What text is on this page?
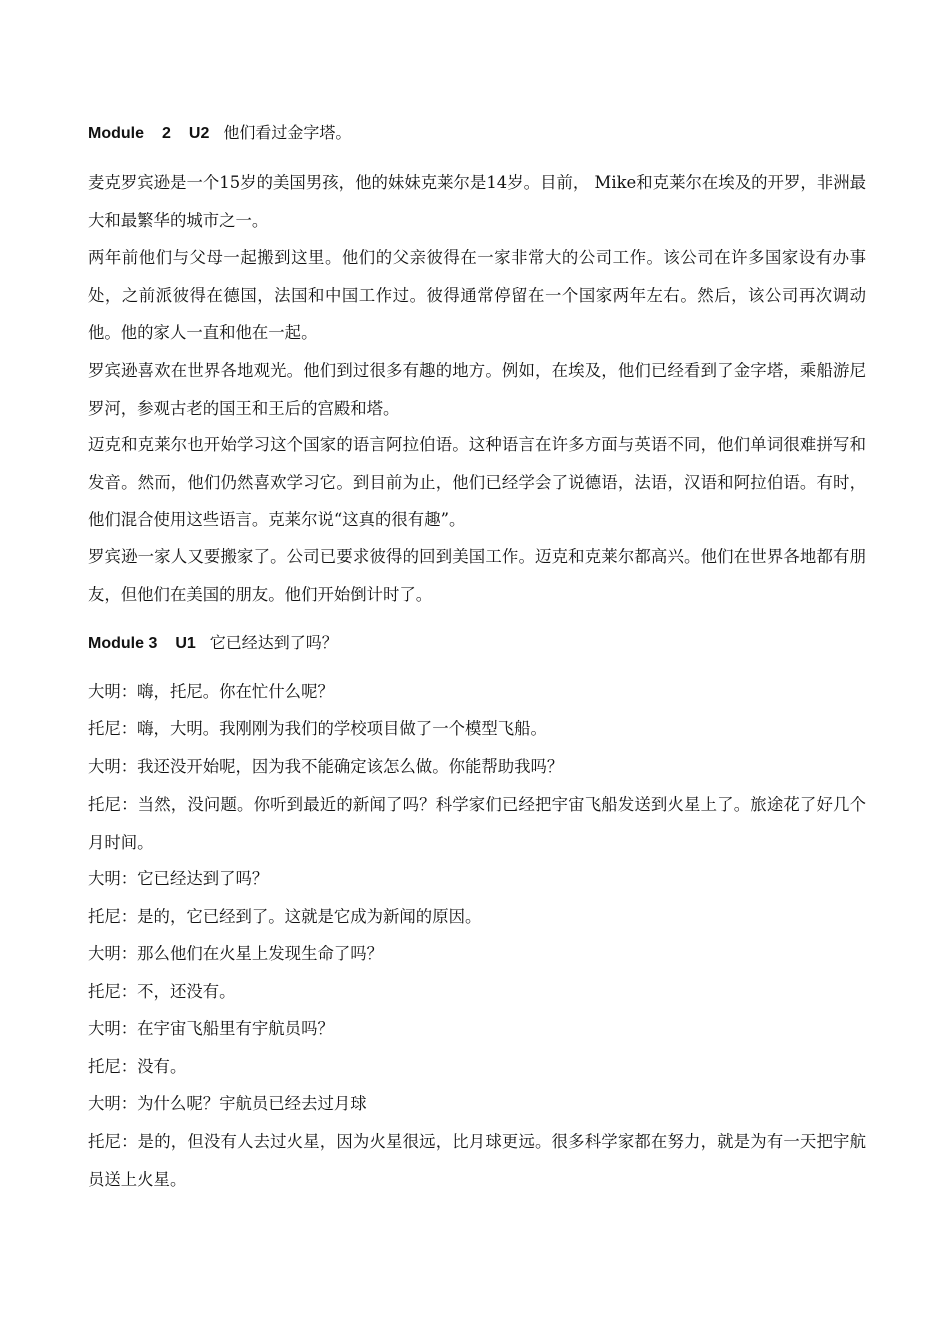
Module 2 U2 他们看过金字塔。
麦克罗宾逊是一个15岁的美国男孩，他的妹妹克莱尔是14岁。目前， Mike和克莱尔在埃及的开罗，非洲最大和最繁华的城市之一。
两年前他们与父母一起搬到这里。他们的父亲彼得在一家非常大的公司工作。该公司在许多国家设有办事处，之前派彼得在德国，法国和中国工作过。彼得通常停留在一个国家两年左右。然后，该公司再次调动他。他的家人一直和他在一起。
罗宾逊喜欢在世界各地观光。他们到过很多有趣的地方。例如，在埃及，他们已经看到了金字塔，乘船游尼罗河，参观古老的国王和王后的宫殿和塔。
迈克和克莱尔也开始学习这个国家的语言阿拉伯语。这种语言在许多方面与英语不同，他们单词很难拼写和发音。然而，他们仍然喜欢学习它。到目前为止，他们已经学会了说德语，法语，汉语和阿拉伯语。有时，他们混合使用这些语言。克莱尔说“这真的很有趣”。
罗宾逊一家人又要搬家了。公司已要求彼得的回到美国工作。迈克和克莱尔都高兴。他们在世界各地都有朋友，但他们在美国的朋友。他们开始倒计时了。
Module 3 U1 它已经达到了吗？
大明：嗨，托尼。你在忙什么呢？
托尼：嗨，大明。我刚刚为我们的学校项目做了一个模型飞船。
大明：我还没开始呢，因为我不能确定该怎么做。你能帮助我吗？
托尼：当然，没问题。你听到最近的新闻了吗？科学家们已经把宇宙飞船发送到火星上了。旅途花了好几个月时间。
大明：它已经达到了吗？
托尼：是的，它已经到了。这就是它成为新闻的原因。
大明：那么他们在火星上发现生命了吗？
托尼：不，还没有。
大明：在宇宙飞船里有宇航员吗？
托尼：没有。
大明：为什么呢？宇航员已经去过月球
托尼：是的，但没有人去过火星，因为火星很远，比月球更远。很多科学家都在努力，就是为有一天把宇航员送上火星。
